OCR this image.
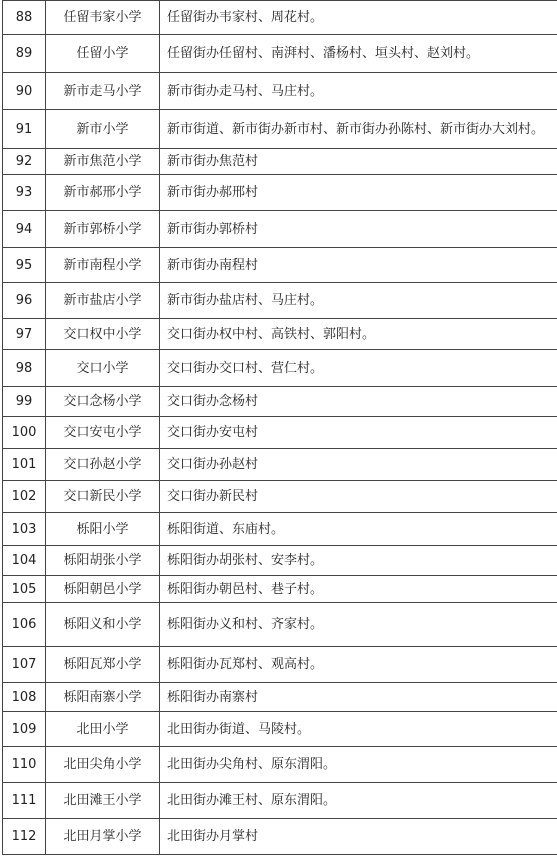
88	任留韦家小学	任留街办韦家村、周花村。
89	任留小学	任留街办任留村、南湃村、潘杨村、垣头村、赵刘村。
90	新市走马小学	新市街办走马村、马庄村。
91	新市小学	新市街道、新市街办新市村、新市街办孙陈村、新市街办大刘村。
92	新市焦范小学	新市街办焦范村
93	新市郝邢小学	新市街办郝邢村
94	新市郭桥小学	新市街办郭桥村
95	新市南程小学	新市街办南程村
96	新市盐店小学	新市街办盐店村、马庄村。
97	交口权中小学	交口街办权中村、高铁村、郭阳村。
98	交口小学	交口街办交口村、营仁村。
99	交口念杨小学	交口街办念杨村
100	交口安屯小学	交口街办安屯村
101	交口孙赵小学	交口街办孙赵村
102	交口新民小学	交口街办新民村
103	栎阳小学	栎阳街道、东庙村。
104	栎阳胡张小学	栎阳街办胡张村、安李村。
105	栎阳朝邑小学	栎阳街办朝邑村、巷子村。
106	栎阳义和小学	栎阳街办义和村、齐家村。
107	栎阳瓦郑小学	栎阳街办瓦郑村、观高村。
108	栎阳南寨小学	栎阳街办南寨村
109	北田小学	北田街办街道、马陵村。
110	北田尖角小学	北田街办尖角村、原东渭阳。
111	北田滩王小学	北田街办滩王村、原东渭阳。
112	北田月掌小学	北田街办月掌村
